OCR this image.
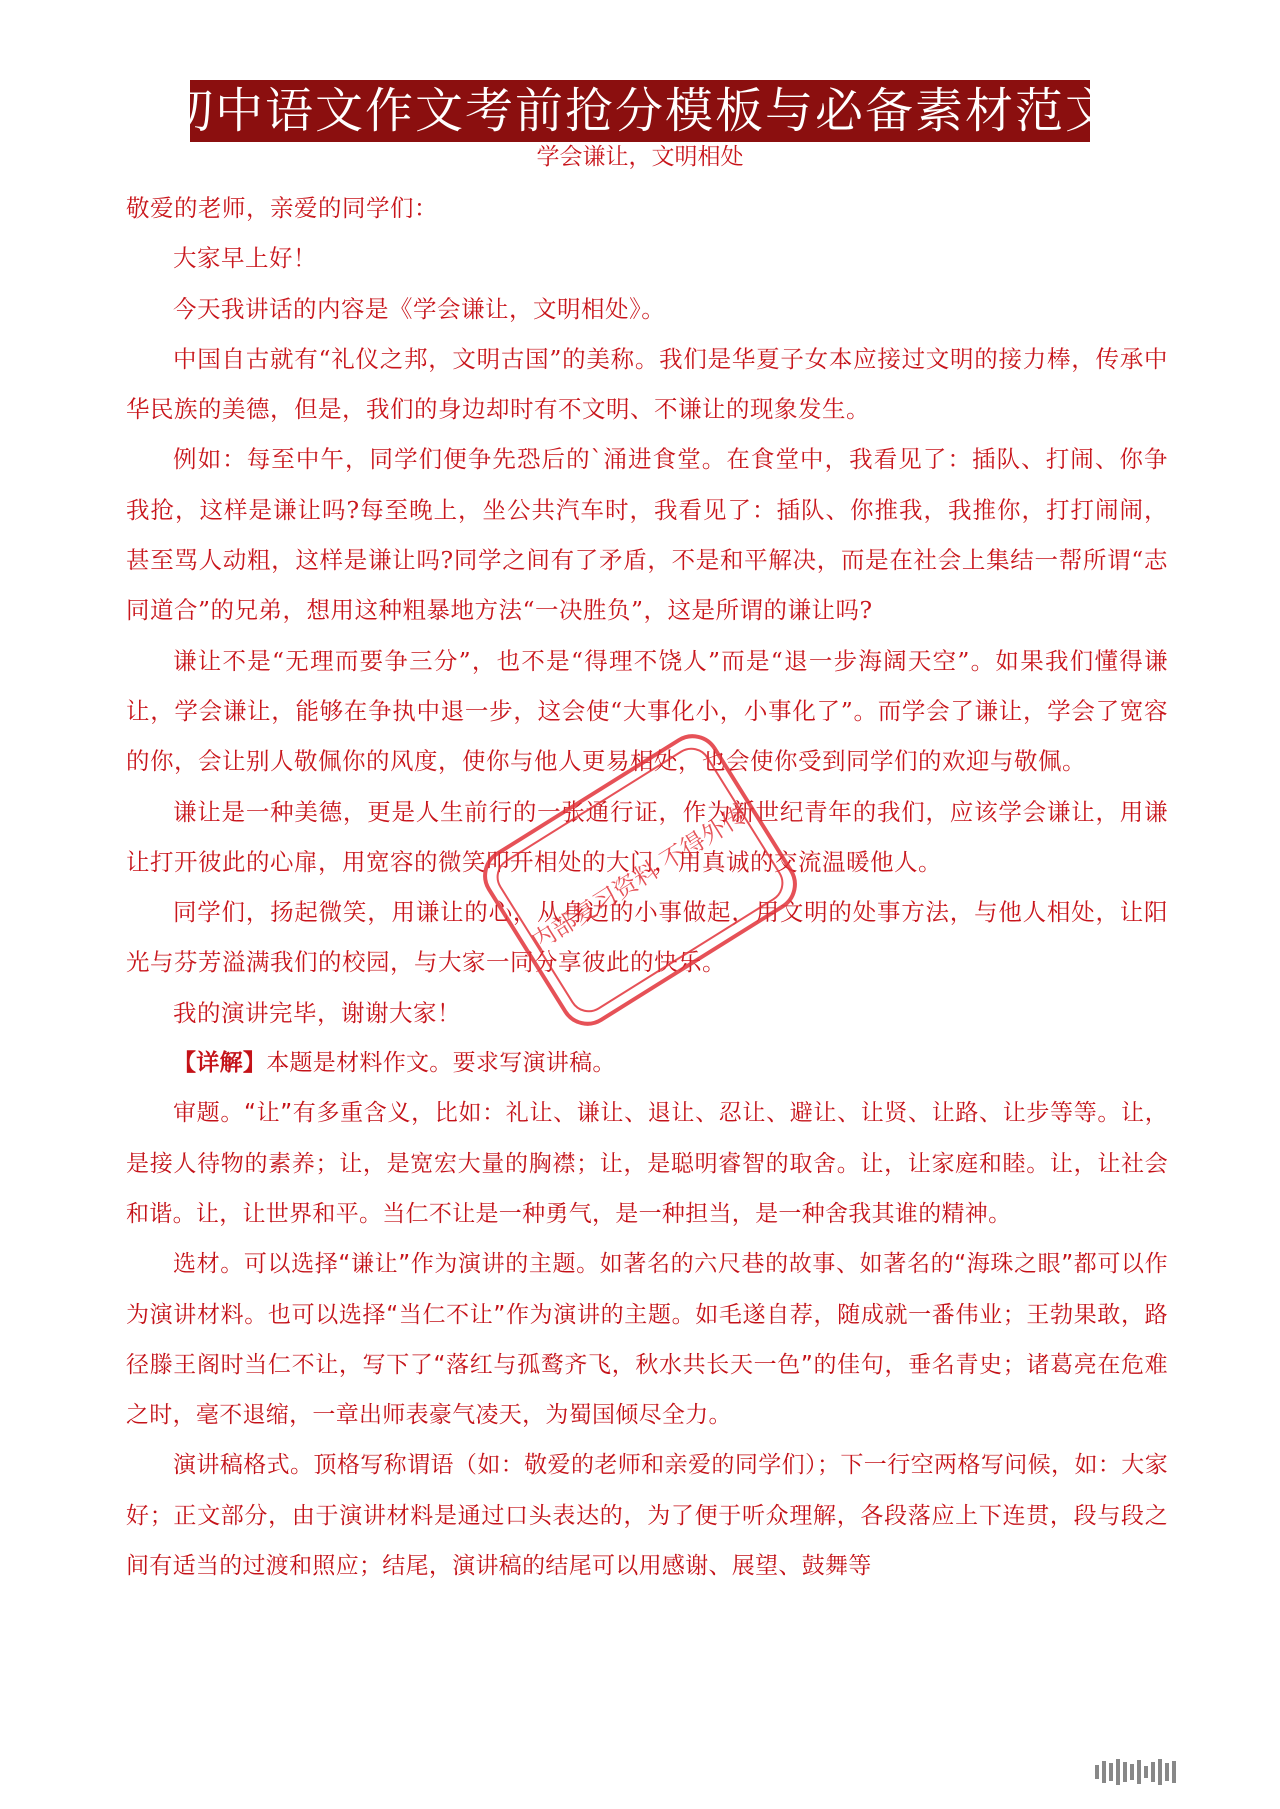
初中语文作文考前抢分模板与必备素材范文
学会谦让，文明相处

敬爱的老师，亲爱的同学们：

大家早上好！

今天我讲话的内容是《学会谦让，文明相处》。

中国自古就有“礼仪之邦，文明古国”的美称。我们是华夏子女本应接过文明的接力棒，传承中华民族的美德，但是，我们的身边却时有不文明、不谦让的现象发生。

例如：每至中午，同学们便争先恐后的`涌进食堂。在食堂中，我看见了：插队、打闹、你争我抢，这样是谦让吗?每至晚上，坐公共汽车时，我看见了：插队、你推我，我推你，打打闹闹，甚至骂人动粗，这样是谦让吗?同学之间有了矛盾，不是和平解决，而是在社会上集结一帮所谓“志同道合”的兄弟，想用这种粗暴地方法“一决胜负”，这是所谓的谦让吗?

谦让不是“无理而要争三分”，也不是“得理不饶人”而是“退一步海阔天空”。如果我们懂得谦让，学会谦让，能够在争执中退一步，这会使“大事化小，小事化了”。而学会了谦让，学会了宽容的你，会让别人敬佩你的风度，使你与他人更易相处，也会使你受到同学们的欢迎与敬佩。

谦让是一种美德，更是人生前行的一张通行证，作为新世纪青年的我们，应该学会谦让，用谦让打开彼此的心扉，用宽容的微笑叩开相处的大门，用真诚的交流温暖他人。

同学们，扬起微笑，用谦让的心，从身边的小事做起，用文明的处事方法，与他人相处，让阳光与芬芳溢满我们的校园，与大家一同分享彼此的快乐。

我的演讲完毕，谢谢大家！

【详解】本题是材料作文。要求写演讲稿。

审题。“让”有多重含义，比如：礼让、谦让、退让、忍让、避让、让贤、让路、让步等等。让，是接人待物的素养；让，是宽宏大量的胸襟；让，是聪明睿智的取舍。让，让家庭和睦。让，让社会和谐。让，让世界和平。当仁不让是一种勇气，是一种担当，是一种舍我其谁的精神。

选材。可以选择“谦让”作为演讲的主题。如著名的六尺巷的故事、如著名的“海珠之眼”都可以作为演讲材料。也可以选择“当仁不让”作为演讲的主题。如毛遂自荐，随成就一番伟业；王勃果敢，路径滕王阁时当仁不让，写下了“落红与孤鹜齐飞，秋水共长天一色”的佳句，垂名青史；诸葛亮在危难之时，毫不退缩，一章出师表豪气凌天，为蜀国倾尽全力。

演讲稿格式。顶格写称谓语（如：敬爱的老师和亲爱的同学们）；下一行空两格写问候，如：大家好；正文部分，由于演讲材料是通过口头表达的，为了便于听众理解，各段落应上下连贯，段与段之间有适当的过渡和照应；结尾，演讲稿的结尾可以用感谢、展望、鼓舞等

内部复习资料 不得外传
